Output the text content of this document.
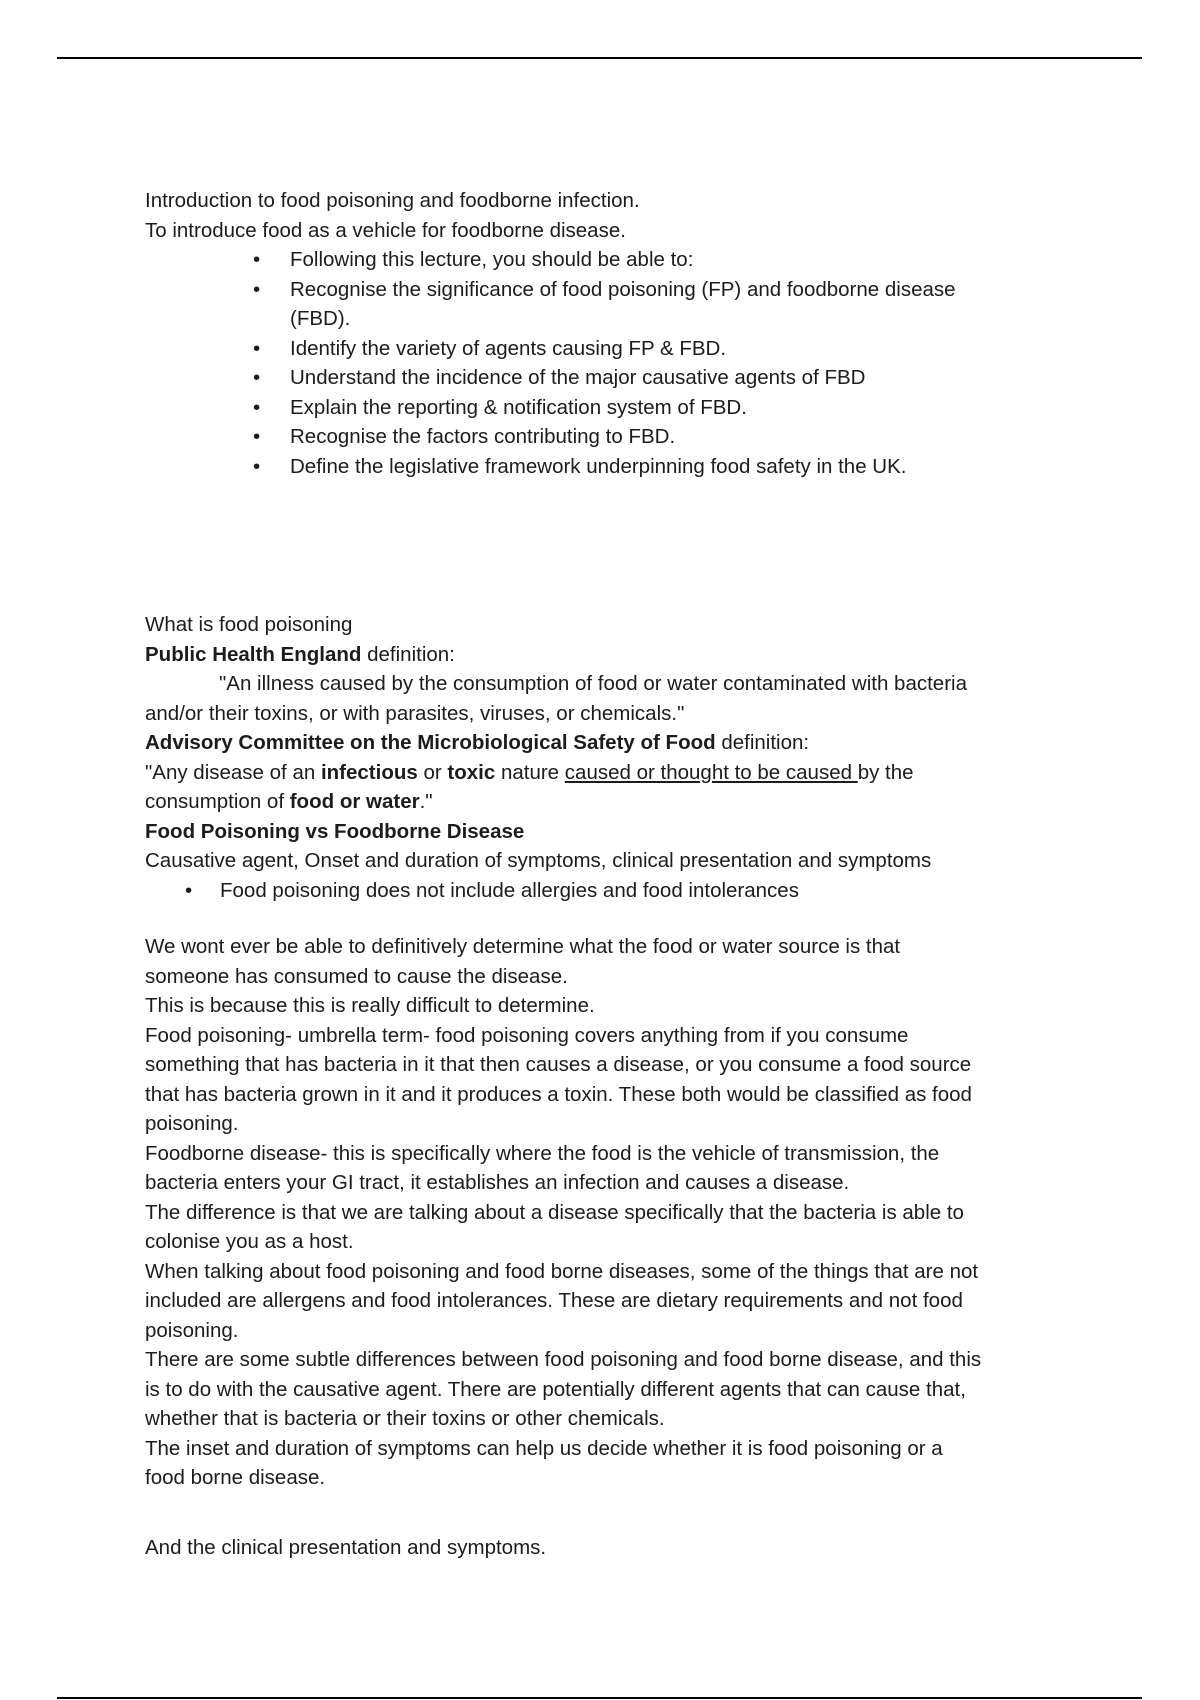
Introduction to food poisoning and foodborne infection.
To introduce food as a vehicle for foodborne disease.
• Following this lecture, you should be able to:
• Recognise the significance of food poisoning (FP) and foodborne disease
(FBD).
• Identify the variety of agents causing FP & FBD.
• Understand the incidence of the major causative agents of FBD
• Explain the reporting & notification system of FBD.
• Recognise the factors contributing to FBD.
• Define the legislative framework underpinning food safety in the UK.
What is food poisoning
Public Health England definition:
"An illness caused by the consumption of food or water contaminated with bacteria
and/or their toxins, or with parasites, viruses, or chemicals."
Advisory Committee on the Microbiological Safety of Food definition:
"Any disease of an infectious or toxic nature caused or thought to be caused by the
consumption of food or water."
Food Poisoning vs Foodborne Disease
Causative agent, Onset and duration of symptoms, clinical presentation and symptoms
• Food poisoning does not include allergies and food intolerances
We wont ever be able to definitively determine what the food or water source is that
someone has consumed to cause the disease.
This is because this is really difficult to determine.
Food poisoning- umbrella term- food poisoning covers anything from if you consume
something that has bacteria in it that then causes a disease, or you consume a food source
that has bacteria grown in it and it produces a toxin. These both would be classified as food
poisoning.
Foodborne disease- this is specifically where the food is the vehicle of transmission, the
bacteria enters your GI tract, it establishes an infection and causes a disease.
The difference is that we are talking about a disease specifically that the bacteria is able to
colonise you as a host.
When talking about food poisoning and food borne diseases, some of the things that are not
included are allergens and food intolerances. These are dietary requirements and not food
poisoning.
There are some subtle differences between food poisoning and food borne disease, and this
is to do with the causative agent. There are potentially different agents that can cause that,
whether that is bacteria or their toxins or other chemicals.
The inset and duration of symptoms can help us decide whether it is food poisoning or a
food borne disease.
And the clinical presentation and symptoms.
